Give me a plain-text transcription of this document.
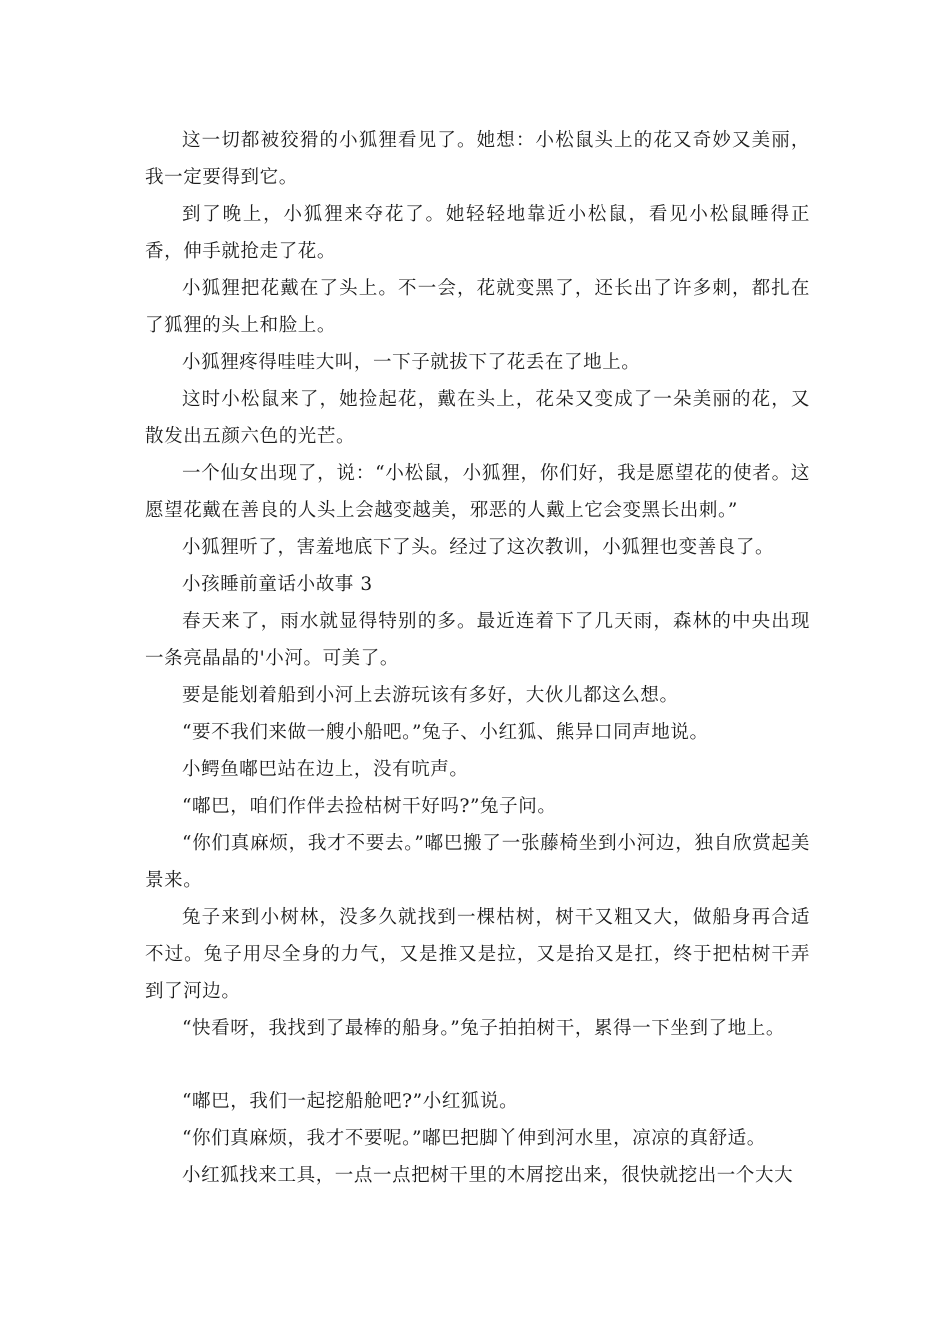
这一切都被狡猾的小狐狸看见了。她想：小松鼠头上的花又奇妙又美丽，我一定要得到它。

到了晚上，小狐狸来夺花了。她轻轻地靠近小松鼠，看见小松鼠睡得正香，伸手就抢走了花。

小狐狸把花戴在了头上。不一会，花就变黑了，还长出了许多刺，都扎在了狐狸的头上和脸上。

小狐狸疼得哇哇大叫，一下子就拔下了花丢在了地上。

这时小松鼠来了，她捡起花，戴在头上，花朵又变成了一朵美丽的花，又散发出五颜六色的光芒。

一个仙女出现了，说：“小松鼠，小狐狸，你们好，我是愿望花的使者。这愿望花戴在善良的人头上会越变越美，邪恶的人戴上它会变黑长出刺。”

小狐狸听了，害羞地底下了头。经过了这次教训，小狐狸也变善良了。

小孩睡前童话小故事 3

春天来了，雨水就显得特别的多。最近连着下了几天雨，森林的中央出现一条亮晶晶的'小河。可美了。

要是能划着船到小河上去游玩该有多好，大伙儿都这么想。

“要不我们来做一艘小船吧。”兔子、小红狐、熊异口同声地说。

小鳄鱼嘟巴站在边上，没有吭声。

“嘟巴，咱们作伴去捡枯树干好吗?”兔子问。

“你们真麻烦，我才不要去。”嘟巴搬了一张藤椅坐到小河边，独自欣赏起美景来。

兔子来到小树林，没多久就找到一棵枯树，树干又粗又大，做船身再合适不过。兔子用尽全身的力气，又是推又是拉，又是抬又是扛，终于把枯树干弄到了河边。

“快看呀，我找到了最棒的船身。”兔子拍拍树干，累得一下坐到了地上。

“嘟巴，我们一起挖船舱吧?”小红狐说。

“你们真麻烦，我才不要呢。”嘟巴把脚丫伸到河水里，凉凉的真舒适。

小红狐找来工具，一点一点把树干里的木屑挖出来，很快就挖出一个大大
